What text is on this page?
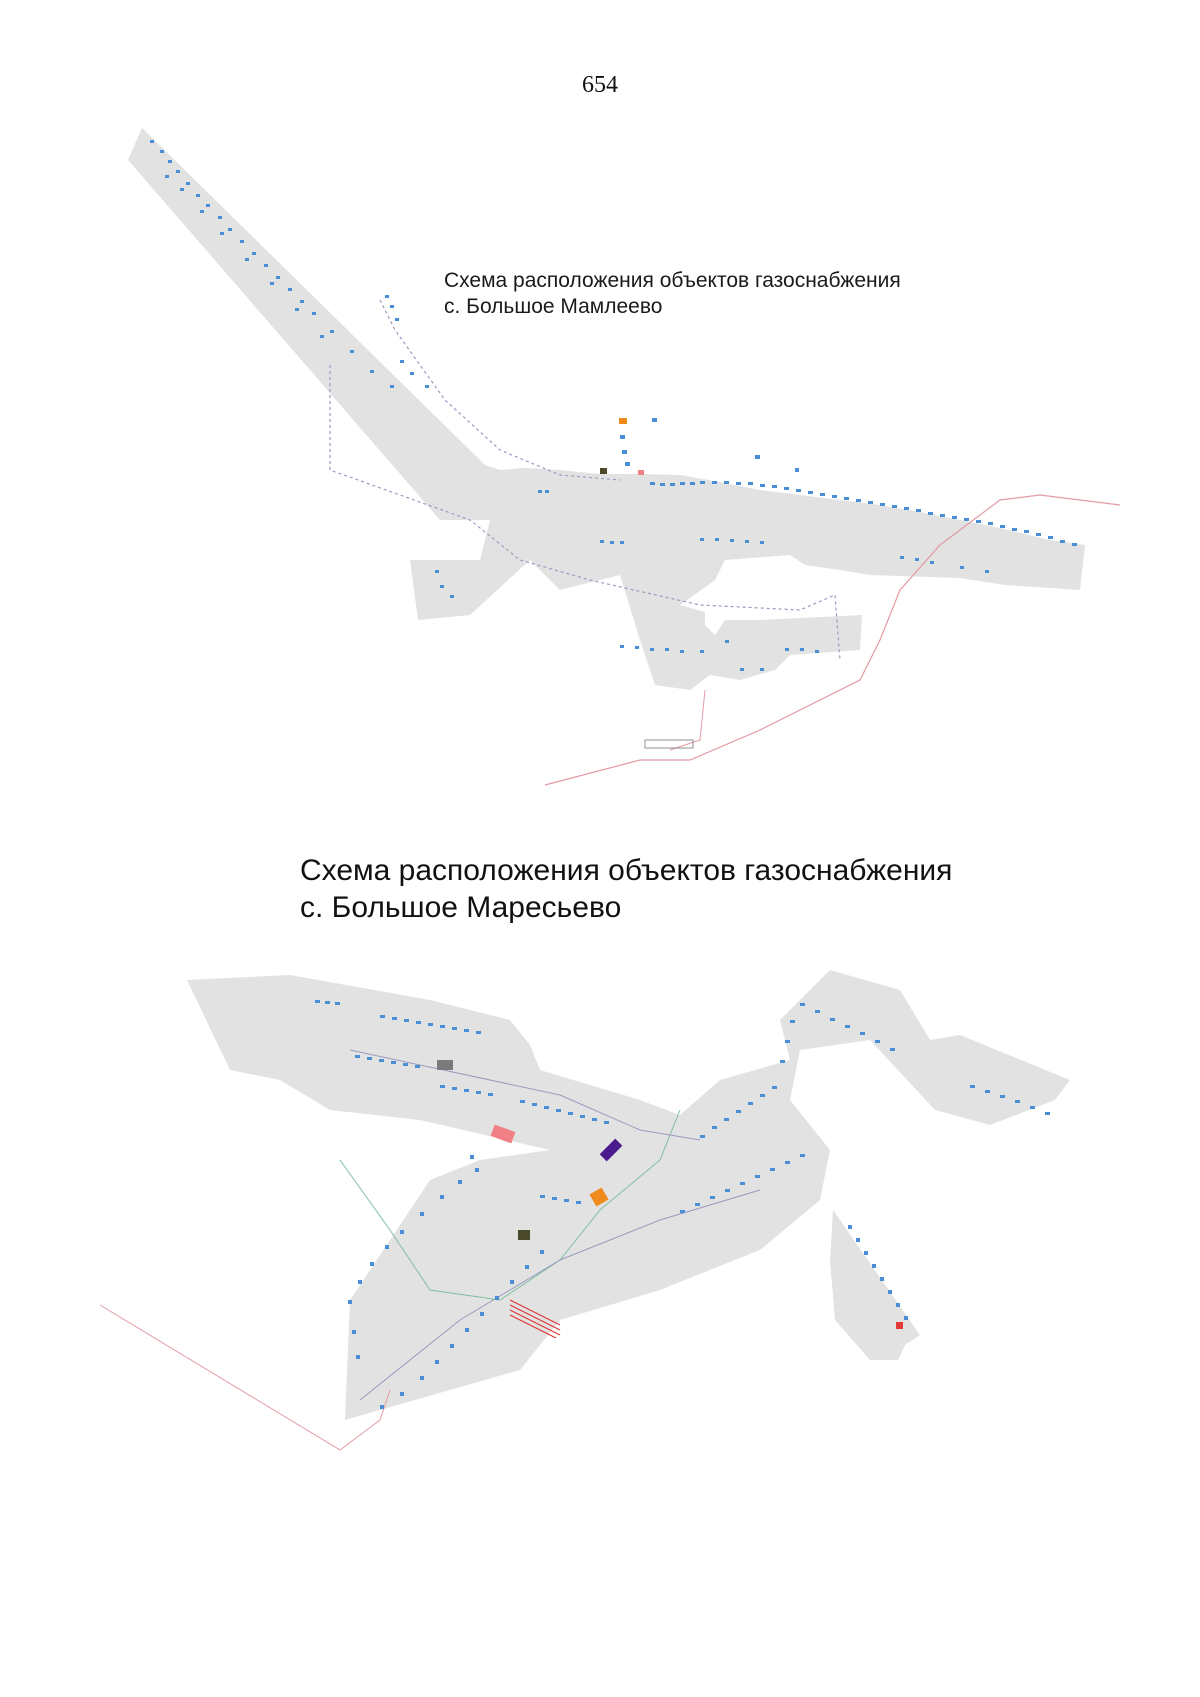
654
Схема расположения объектов газоснабжения
с. Большое Мамлеево
Схема расположения объектов газоснабжения
с. Большое Маресьево
